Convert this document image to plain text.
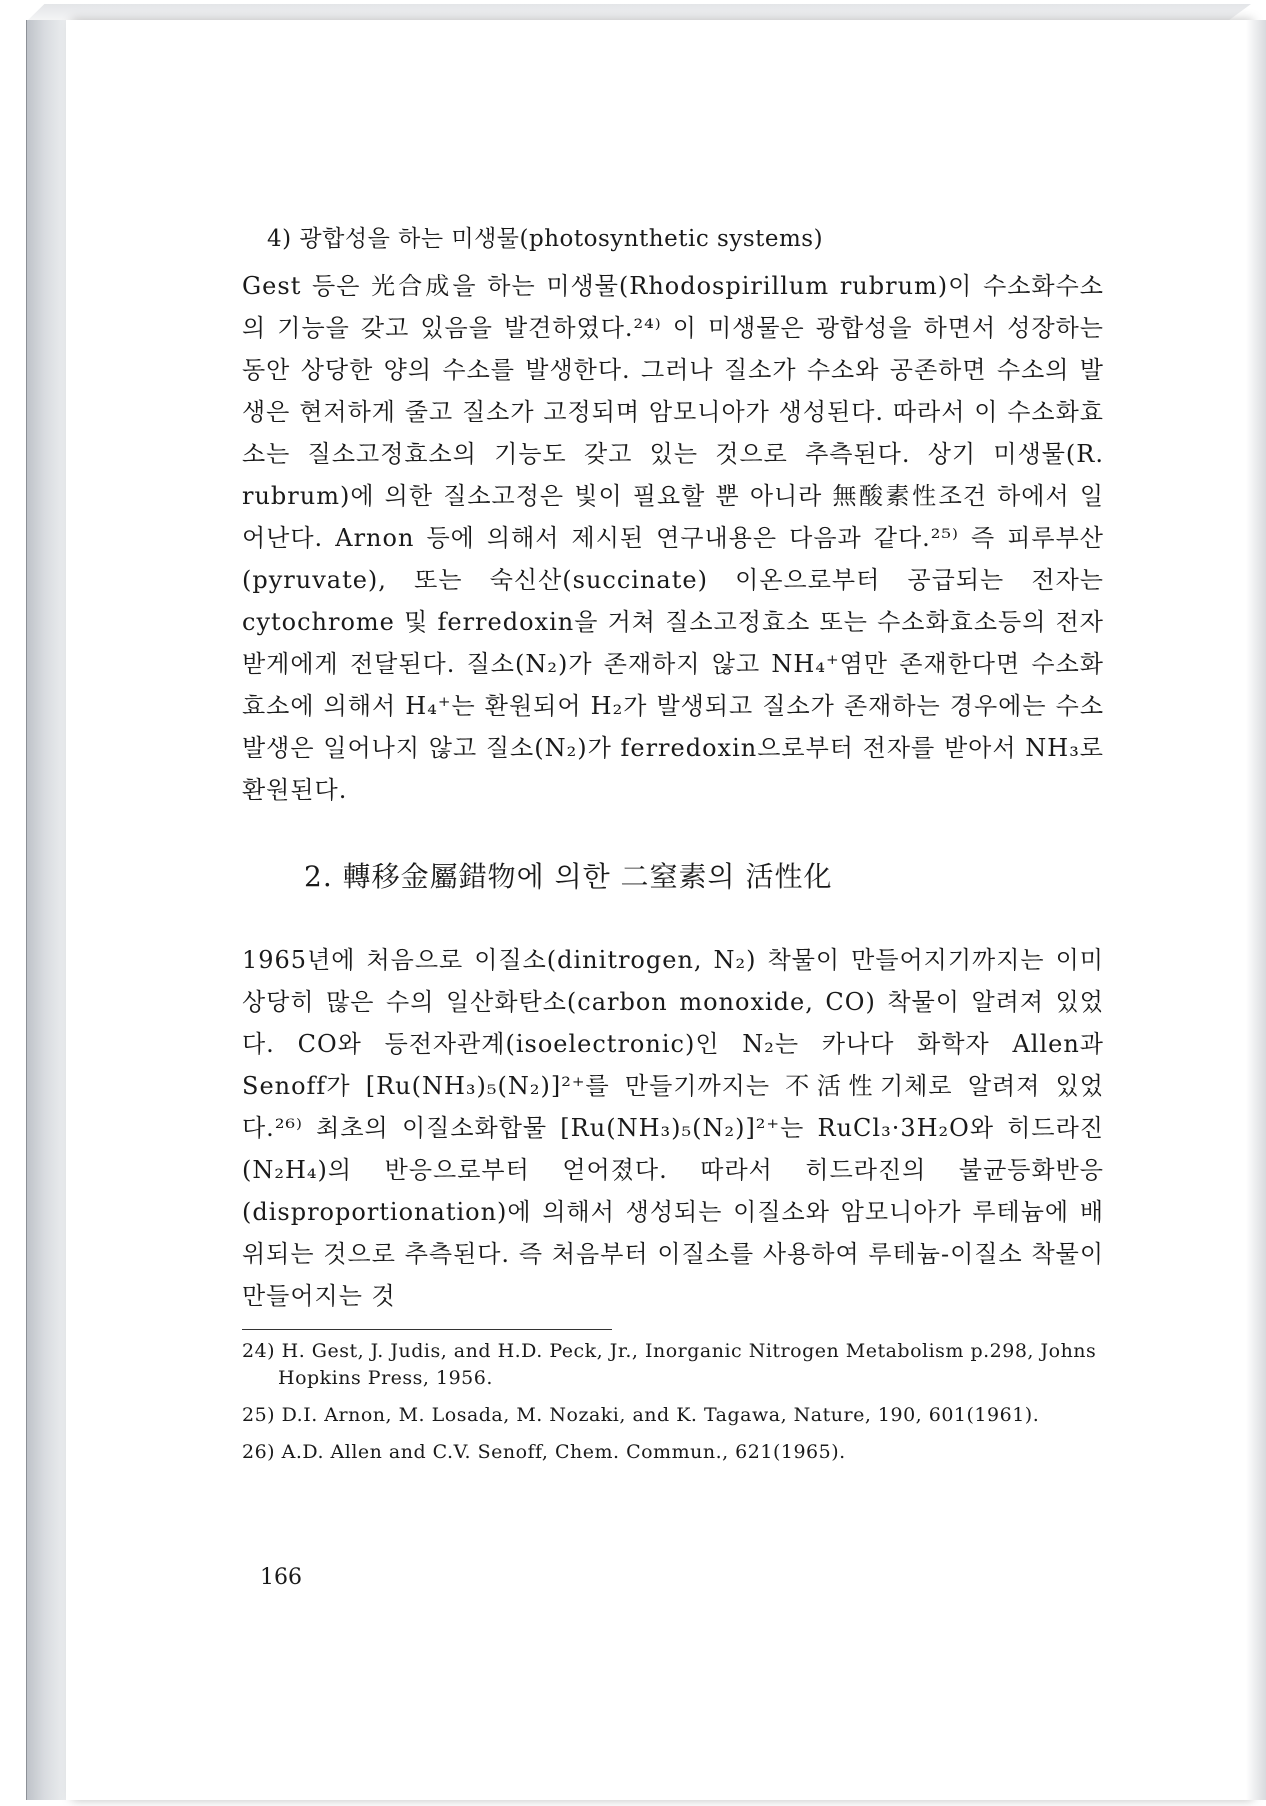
4) 광합성을 하는 미생물(photosynthetic systems)

Gest 등은 光合成을 하는 미생물(Rhodospirillum rubrum)이 수소화수소의 기능을 갖고 있음을 발견하였다.²⁴⁾ 이 미생물은 광합성을 하면서 성장하는 동안 상당한 양의 수소를 발생한다. 그러나 질소가 수소와 공존하면 수소의 발생은 현저하게 줄고 질소가 고정되며 암모니아가 생성된다. 따라서 이 수소화효소는 질소고정효소의 기능도 갖고 있는 것으로 추측된다. 상기 미생물(R. rubrum)에 의한 질소고정은 빛이 필요할 뿐 아니라 無酸素性조건 하에서 일어난다. Arnon 등에 의해서 제시된 연구내용은 다음과 같다.²⁵⁾ 즉 피루부산(pyruvate), 또는 숙신산(succinate) 이온으로부터 공급되는 전자는 cytochrome 및 ferredoxin을 거쳐 질소고정효소 또는 수소화효소등의 전자받게에게 전달된다. 질소(N₂)가 존재하지 않고 NH₄⁺염만 존재한다면 수소화효소에 의해서 H₄⁺는 환원되어 H₂가 발생되고 질소가 존재하는 경우에는 수소발생은 일어나지 않고 질소(N₂)가 ferredoxin으로부터 전자를 받아서 NH₃로 환원된다.

2. 轉移金屬錯物에 의한 二窒素의 活性化

1965년에 처음으로 이질소(dinitrogen, N₂) 착물이 만들어지기까지는 이미 상당히 많은 수의 일산화탄소(carbon monoxide, CO) 착물이 알려져 있었다. CO와 등전자관계(isoelectronic)인 N₂는 카나다 화학자 Allen과 Senoff가 [Ru(NH₃)₅(N₂)]²⁺를 만들기까지는 不活性기체로 알려져 있었다.²⁶⁾ 최초의 이질소화합물 [Ru(NH₃)₅(N₂)]²⁺는 RuCl₃·3H₂O와 히드라진(N₂H₄)의 반응으로부터 얻어졌다. 따라서 히드라진의 불균등화반응(disproportionation)에 의해서 생성되는 이질소와 암모니아가 루테늄에 배위되는 것으로 추측된다. 즉 처음부터 이질소를 사용하여 루테늄-이질소 착물이 만들어지는 것

24) H. Gest, J. Judis, and H.D. Peck, Jr., Inorganic Nitrogen Metabolism p.298, Johns Hopkins Press, 1956.
25) D.I. Arnon, M. Losada, M. Nozaki, and K. Tagawa, Nature, 190, 601(1961).
26) A.D. Allen and C.V. Senoff, Chem. Commun., 621(1965).
166
